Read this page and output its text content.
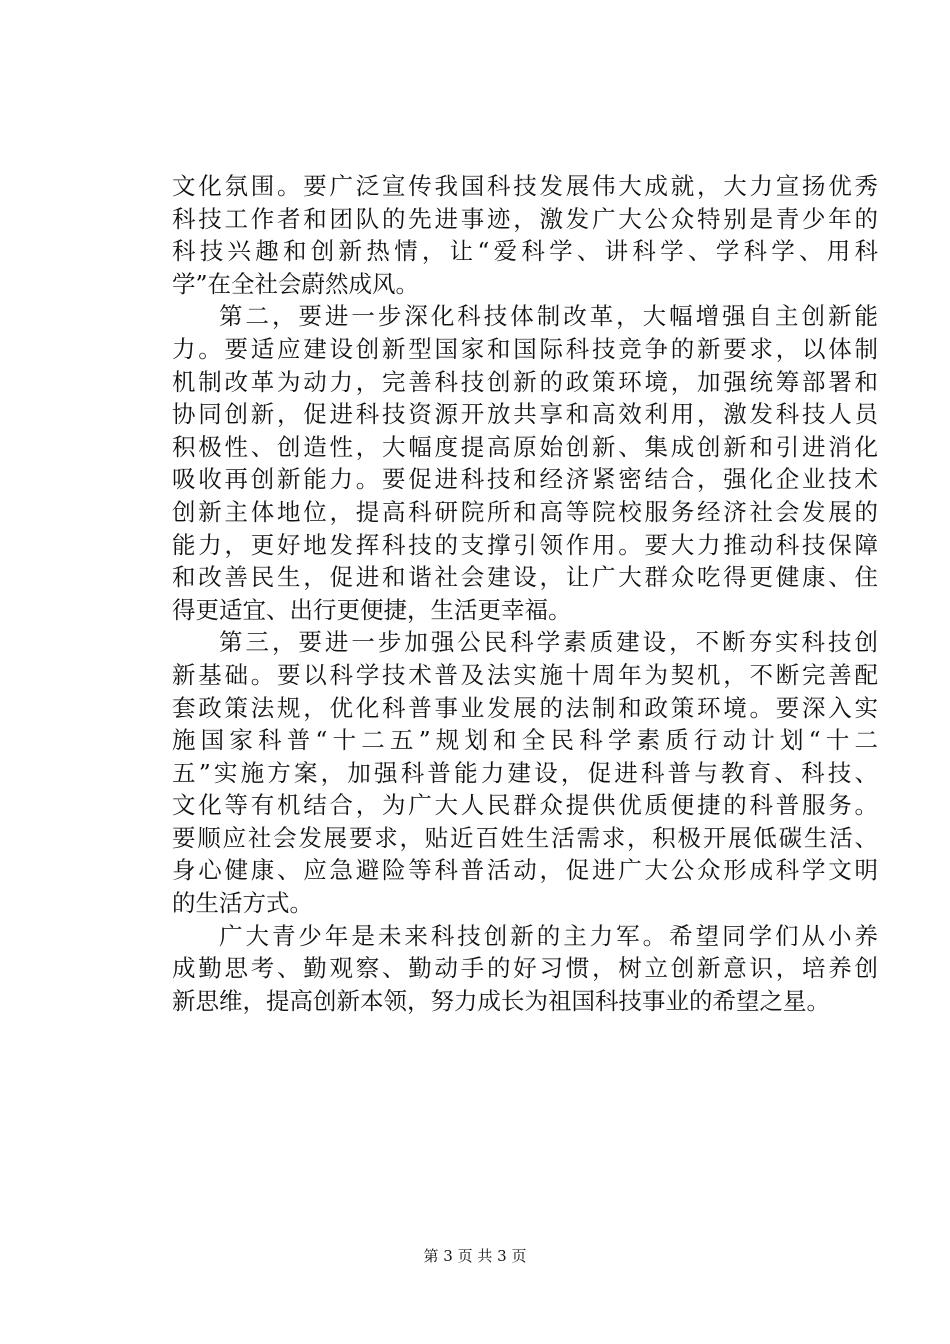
文化氛围。要广泛宣传我国科技发展伟大成就，大力宣扬优秀
科技工作者和团队的先进事迹，激发广大公众特别是青少年的
科技兴趣和创新热情，让“爱科学、讲科学、学科学、用科
学”在全社会蔚然成风。
第二，要进一步深化科技体制改革，大幅增强自主创新能
力。要适应建设创新型国家和国际科技竞争的新要求，以体制
机制改革为动力，完善科技创新的政策环境，加强统筹部署和
协同创新，促进科技资源开放共享和高效利用，激发科技人员
积极性、创造性，大幅度提高原始创新、集成创新和引进消化
吸收再创新能力。要促进科技和经济紧密结合，强化企业技术
创新主体地位，提高科研院所和高等院校服务经济社会发展的
能力，更好地发挥科技的支撑引领作用。要大力推动科技保障
和改善民生，促进和谐社会建设，让广大群众吃得更健康、住
得更适宜、出行更便捷，生活更幸福。
第三，要进一步加强公民科学素质建设，不断夯实科技创
新基础。要以科学技术普及法实施十周年为契机，不断完善配
套政策法规，优化科普事业发展的法制和政策环境。要深入实
施国家科普“十二五”规划和全民科学素质行动计划“十二
五”实施方案，加强科普能力建设，促进科普与教育、科技、
文化等有机结合，为广大人民群众提供优质便捷的科普服务。
要顺应社会发展要求，贴近百姓生活需求，积极开展低碳生活、
身心健康、应急避险等科普活动，促进广大公众形成科学文明
的生活方式。
广大青少年是未来科技创新的主力军。希望同学们从小养
成勤思考、勤观察、勤动手的好习惯，树立创新意识，培养创
新思维，提高创新本领，努力成长为祖国科技事业的希望之星。
第 3 页 共 3 页
